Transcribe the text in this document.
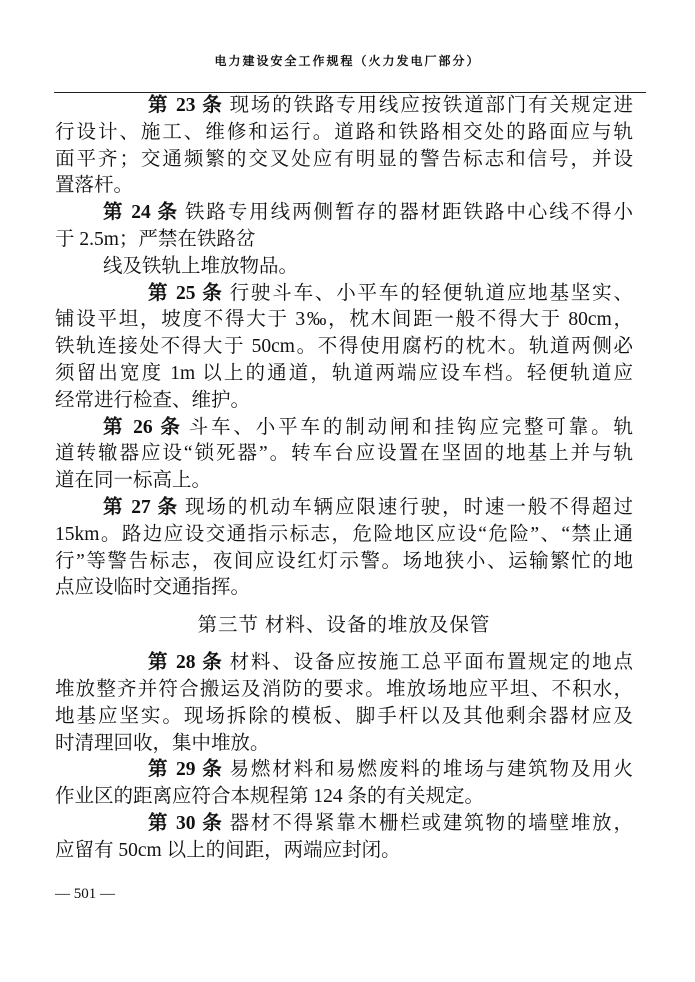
电力建设安全工作规程（火力发电厂部分）
第 23 条 现场的铁路专用线应按铁道部门有关规定进
行设计、施工、维修和运行。道路和铁路相交处的路面应与轨
面平齐；交通频繁的交叉处应有明显的警告标志和信号，并设
置落杆。
第 24 条 铁路专用线两侧暂存的器材距铁路中心线不得小
于 2.5m；严禁在铁路岔
线及铁轨上堆放物品。
第 25 条 行驶斗车、小平车的轻便轨道应地基坚实、
铺设平坦，坡度不得大于 3‰，枕木间距一般不得大于 80cm，
铁轨连接处不得大于 50cm。不得使用腐朽的枕木。轨道两侧必
须留出宽度 1m 以上的通道，轨道两端应设车档。轻便轨道应
经常进行检查、维护。
第 26 条 斗车、小平车的制动闸和挂钩应完整可靠。轨
道转辙器应设“锁死器”。转车台应设置在坚固的地基上并与轨
道在同一标高上。
第 27 条 现场的机动车辆应限速行驶，时速一般不得超过
15km。路边应设交通指示标志，危险地区应设“危险”、“禁止通
行”等警告标志，夜间应设红灯示警。场地狭小、运输繁忙的地
点应设临时交通指挥。
第三节 材料、设备的堆放及保管
第 28 条 材料、设备应按施工总平面布置规定的地点
堆放整齐并符合搬运及消防的要求。堆放场地应平坦、不积水，
地基应坚实。现场拆除的模板、脚手杆以及其他剩余器材应及
时清理回收，集中堆放。
第 29 条 易燃材料和易燃废料的堆场与建筑物及用火
作业区的距离应符合本规程第 124 条的有关规定。
第 30 条 器材不得紧靠木栅栏或建筑物的墙壁堆放，
应留有 50cm 以上的间距，两端应封闭。
— 501 —
